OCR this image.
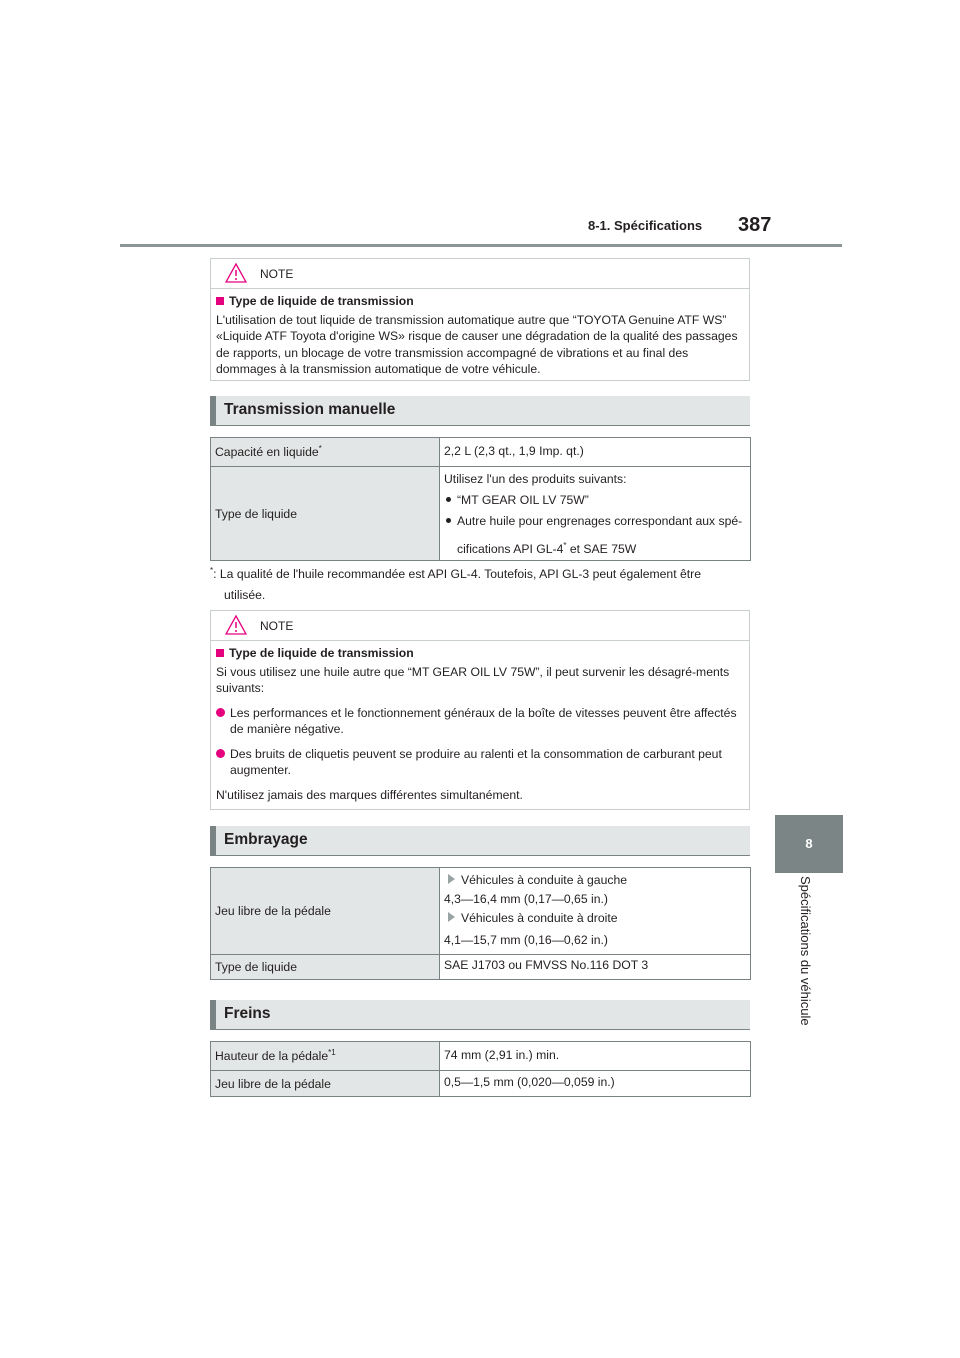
8-1. Spécifications 387
8
Spécifications du véhicule
NOTE

Type de liquide de transmission

L'utilisation de tout liquide de transmission automatique autre que “TOYOTA Genuine ATF WS” «Liquide ATF Toyota d'origine WS» risque de causer une dégradation de la qualité des passages de rapports, un blocage de votre transmission accompagné de vibrations et au final des dommages à la transmission automatique de votre véhicule.

Transmission manuelle
Capacité en liquide*	2,2 L (2,3 qt., 1,9 Imp. qt.)
Type de liquide	Utilisez l'un des produits suivants:
“MT GEAR OIL LV 75W”
Autre huile pour engrenages correspondant aux spé-
cifications API GL-4* et SAE 75W
*: La qualité de l'huile recommandée est API GL-4. Toutefois, API GL-3 peut également être
utilisée.
NOTE

Type de liquide de transmission

Si vous utilisez une huile autre que “MT GEAR OIL LV 75W”, il peut survenir les désagré-ments suivants:

Les performances et le fonctionnement généraux de la boîte de vitesses peuvent être affectés de manière négative.

Des bruits de cliquetis peuvent se produire au ralenti et la consommation de carburant peut augmenter.

N'utilisez jamais des marques différentes simultanément.

Embrayage
Jeu libre de la pédale	Véhicules à conduite à gauche
4,3—16,4 mm (0,17—0,65 in.)
Véhicules à conduite à droite
4,1—15,7 mm (0,16—0,62 in.)

Type de liquide	SAE J1703 ou FMVSS No.116 DOT 3
Freins
Hauteur de la pédale$^{*1}$	74 mm (2,91 in.) min.
Jeu libre de la pédale	0,5—1,5 mm (0,020—0,059 in.)
